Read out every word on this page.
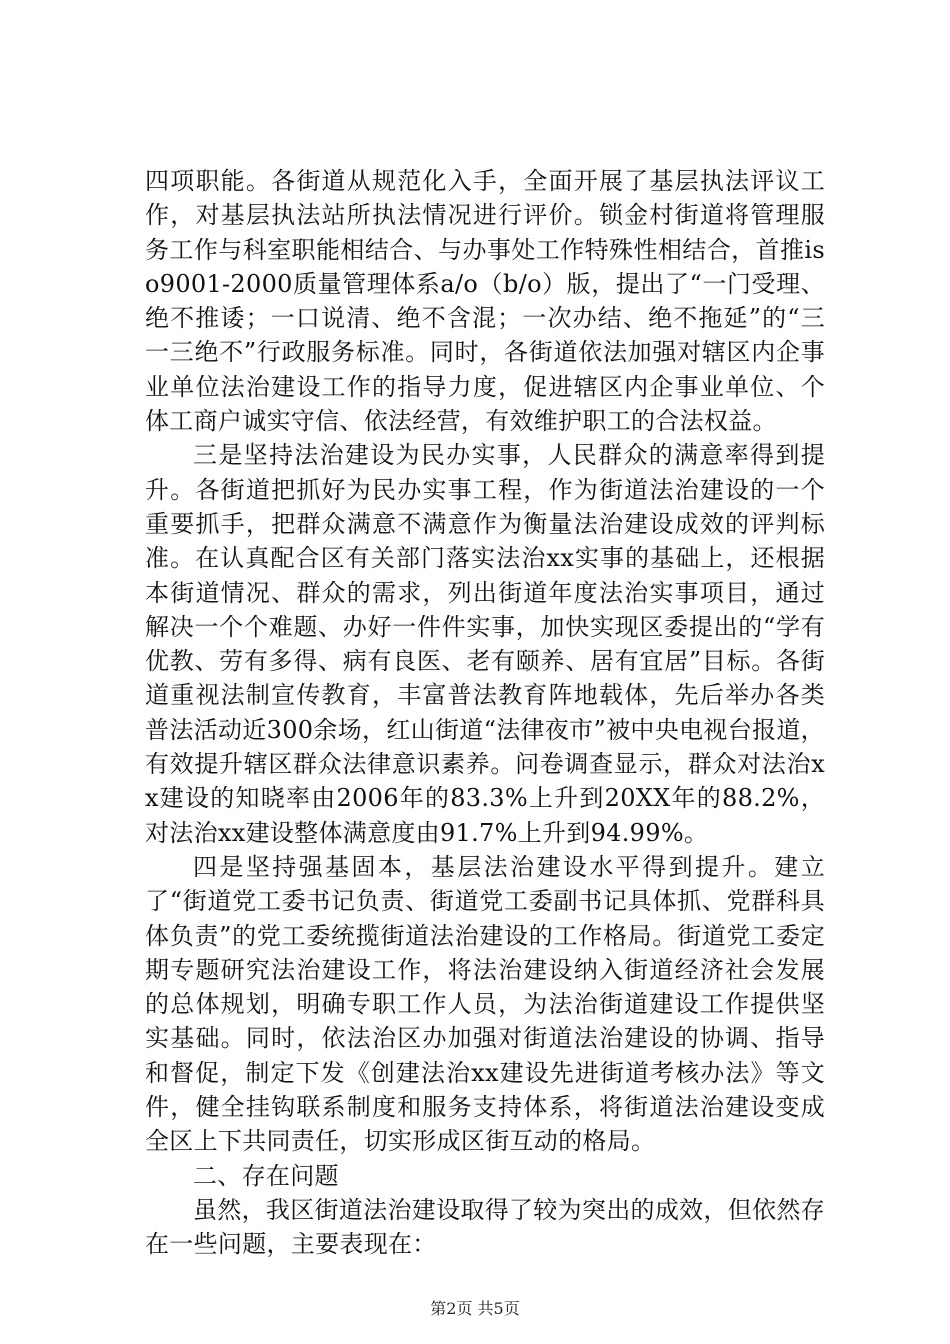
四项职能。各街道从规范化入手，全面开展了基层执法评议工作，对基层执法站所执法情况进行评价。锁金村街道将管理服务工作与科室职能相结合、与办事处工作特殊性相结合，首推iso9001-2000质量管理体系a/o（b/o）版，提出了“一门受理、绝不推诿；一口说清、绝不含混；一次办结、绝不拖延”的“三一三绝不”行政服务标准。同时，各街道依法加强对辖区内企事业单位法治建设工作的指导力度，促进辖区内企事业单位、个体工商户诚实守信、依法经营，有效维护职工的合法权益。

三是坚持法治建设为民办实事，人民群众的满意率得到提升。各街道把抓好为民办实事工程，作为街道法治建设的一个重要抓手，把群众满意不满意作为衡量法治建设成效的评判标准。在认真配合区有关部门落实法治xx实事的基础上，还根据本街道情况、群众的需求，列出街道年度法治实事项目，通过解决一个个难题、办好一件件实事，加快实现区委提出的“学有优教、劳有多得、病有良医、老有颐养、居有宜居”目标。各街道重视法制宣传教育，丰富普法教育阵地载体，先后举办各类普法活动近300余场，红山街道“法律夜市”被中央电视台报道，有效提升辖区群众法律意识素养。问卷调查显示，群众对法治xx建设的知晓率由2006年的83.3%上升到20XX年的88.2%，对法治xx建设整体满意度由91.7%上升到94.99%。

四是坚持强基固本，基层法治建设水平得到提升。建立了“街道党工委书记负责、街道党工委副书记具体抓、党群科具体负责”的党工委统揽街道法治建设的工作格局。街道党工委定期专题研究法治建设工作，将法治建设纳入街道经济社会发展的总体规划，明确专职工作人员，为法治街道建设工作提供坚实基础。同时，依法治区办加强对街道法治建设的协调、指导和督促，制定下发《创建法治xx建设先进街道考核办法》等文件，健全挂钩联系制度和服务支持体系，将街道法治建设变成全区上下共同责任，切实形成区街互动的格局。

二、存在问题

虽然，我区街道法治建设取得了较为突出的成效，但依然存在一些问题，主要表现在：

第2页 共5页
